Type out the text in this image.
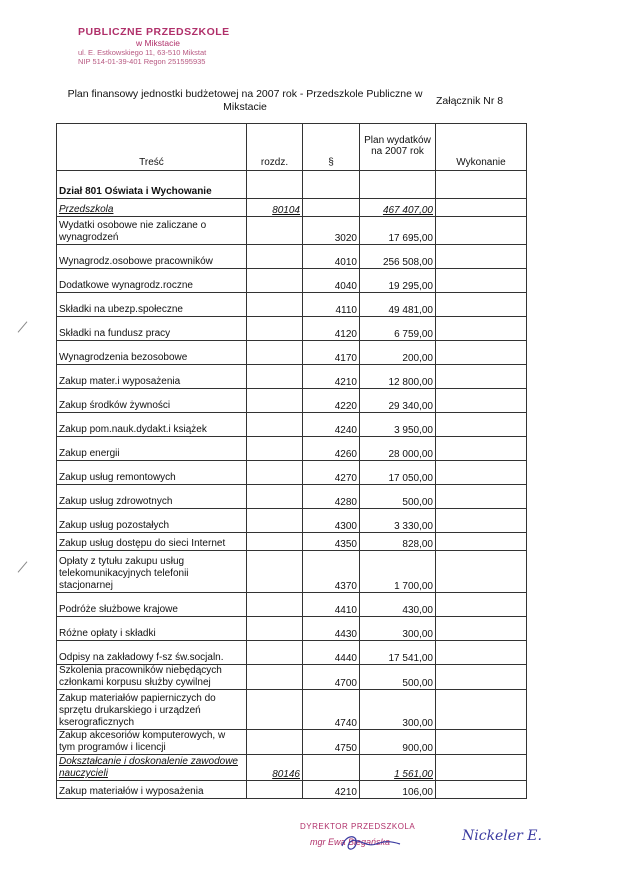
PUBLICZNE PRZEDSZKOLE
w Mikstacie
ul. E. Estkowskiego 11, 63-510 Mikstat
NIP 514-01-39-401 Regon 251595935
Plan finansowy jednostki budżetowej na 2007 rok - Przedszkole Publiczne w Mikstacie	Załącznik Nr 8
Treść	rozdz.	§	Plan wydatków na 2007 rok	Wykonanie
Dział 801 Oświata i Wychowanie				
Przedszkola	80104		467 407,00	
Wydatki osobowe nie zaliczane o wynagrodzeń		3020	17 695,00	
Wynagrodz.osobowe pracowników		4010	256 508,00	
Dodatkowe wynagrodz.roczne		4040	19 295,00	
Składki na ubezp.społeczne		4110	49 481,00	
Składki na fundusz pracy		4120	6 759,00	
Wynagrodzenia bezosobowe		4170	200,00	
Zakup mater.i wyposażenia		4210	12 800,00	
Zakup środków żywności		4220	29 340,00	
Zakup pom.nauk.dydakt.i książek		4240	3 950,00	
Zakup energii		4260	28 000,00	
Zakup usług remontowych		4270	17 050,00	
Zakup usług zdrowotnych		4280	500,00	
Zakup usług pozostałych		4300	3 330,00	
Zakup usług dostępu do sieci Internet		4350	828,00	
Opłaty z tytułu zakupu usług telekomunikacyjnych telefonii stacjonarnej		4370	1 700,00	
Podróże służbowe krajowe		4410	430,00	
Różne opłaty i składki		4430	300,00	
Odpisy na zakładowy f-sz św.socjaln.		4440	17 541,00	
Szkolenia pracowników niebędących członkami korpusu służby cywilnej		4700	500,00	
Zakup materiałów papierniczych do sprzętu drukarskiego i urządzeń kserograficznych		4740	300,00	
Zakup akcesoriów komputerowych, w tym programów i licencji		4750	900,00	
Dokształcanie i doskonalenie zawodowe nauczycieli	80146		1 561,00	
Zakup materiałów i wyposażenia		4210	106,00	
DYREKTOR PRZEDSZKOLA
mgr Ewa Biegańska	Nickeler E.
